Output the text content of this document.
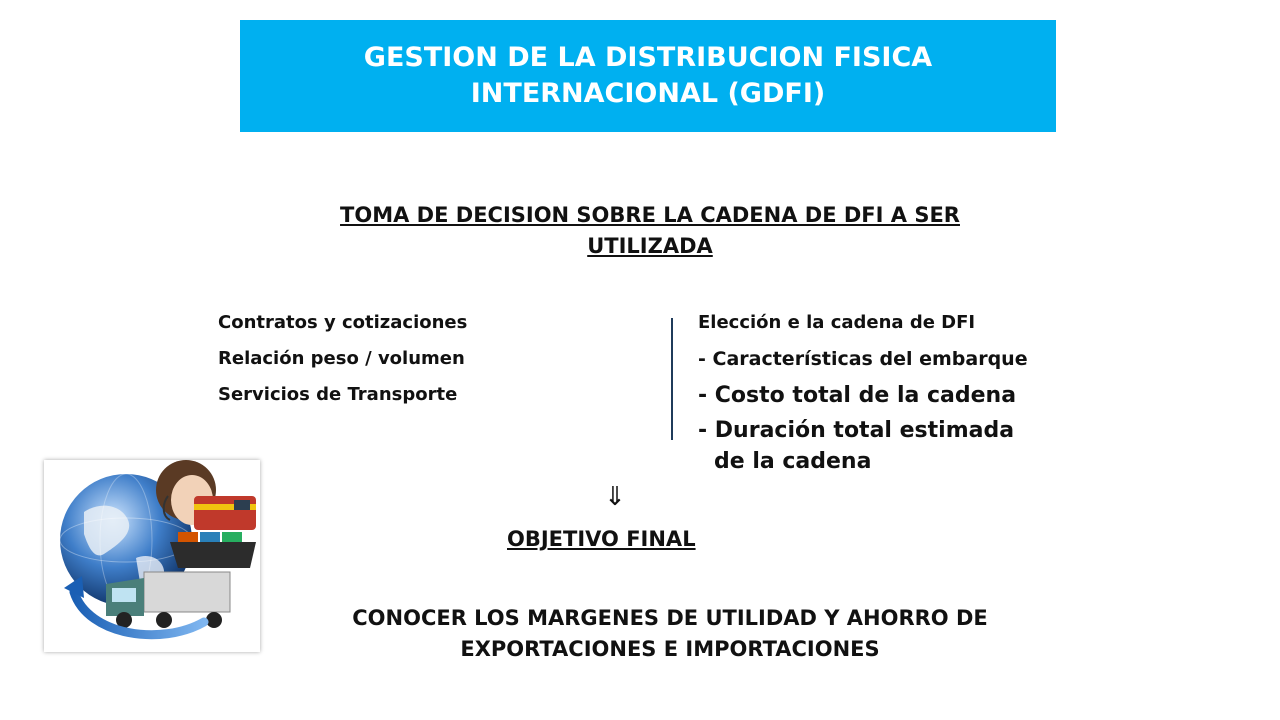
GESTION DE LA DISTRIBUCION FISICA
INTERNACIONAL (GDFI)
TOMA DE DECISION SOBRE LA CADENA DE DFI A SER
UTILIZADA
Contratos y cotizaciones
Relación peso / volumen
Servicios de Transporte
Elección e la cadena de DFI
- Características del embarque
- Costo total de la cadena
- Duración total estimada
de la cadena
⇓
OBJETIVO FINAL
CONOCER LOS MARGENES DE UTILIDAD Y AHORRO DE
EXPORTACIONES E IMPORTACIONES
